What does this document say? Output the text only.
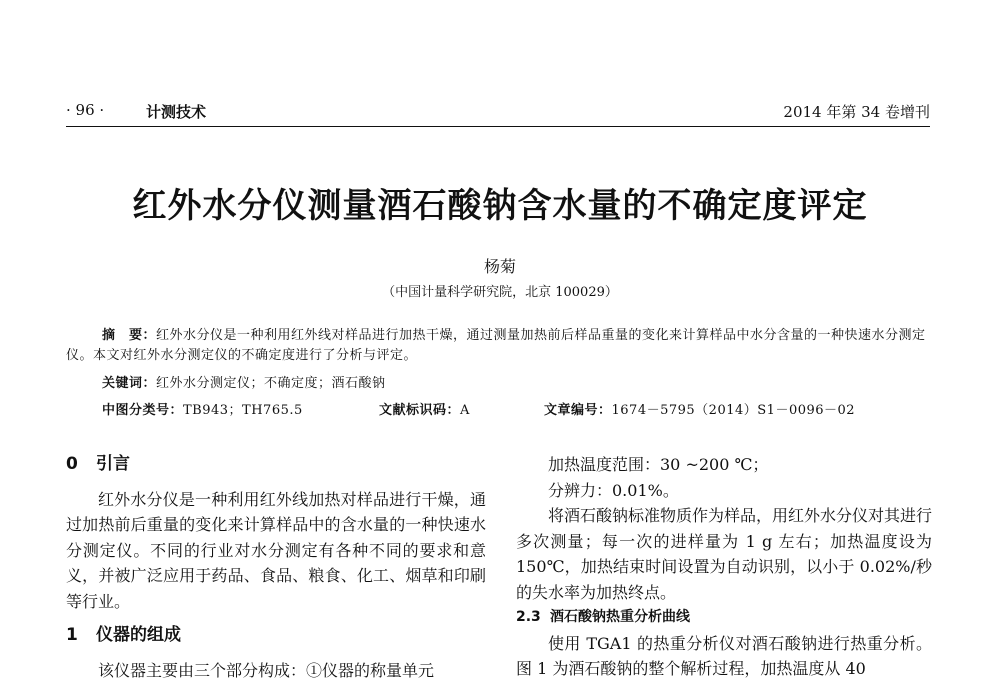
· 96 ·	计测技术	2014 年第 34 卷增刊
红外水分仪测量酒石酸钠含水量的不确定度评定
杨菊
（中国计量科学研究院，北京 100029）
摘　要：红外水分仪是一种利用红外线对样品进行加热干燥，通过测量加热前后样品重量的变化来计算样品中水分含量的一种快速水分测定仪。本文对红外水分测定仪的不确定度进行了分析与评定。
关键词：红外水分测定仪；不确定度；酒石酸钠
中图分类号：TB943；TH765.5	文献标识码：A	文章编号：1674－5795（2014）S1－0096－02
0 引言
红外水分仪是一种利用红外线加热对样品进行干燥，通过加热前后重量的变化来计算样品中的含水量的一种快速水分测定仪。不同的行业对水分测定有各种不同的要求和意义，并被广泛应用于药品、食品、粮食、化工、烟草和印刷等行业。
1 仪器的组成
该仪器主要由三个部分构成：①仪器的称量单元
加热温度范围：30 ~200 ℃；
分辨力：0.01%。
将酒石酸钠标准物质作为样品，用红外水分仪对其进行多次测量；每一次的进样量为 1 g 左右；加热温度设为 150℃，加热结束时间设置为自动识别，以小于 0.02%/秒的失水率为加热终点。
2.3 酒石酸钠热重分析曲线
使用 TGA1 的热重分析仪对酒石酸钠进行热重分析。图 1 为酒石酸钠的整个解析过程，加热温度从 40
